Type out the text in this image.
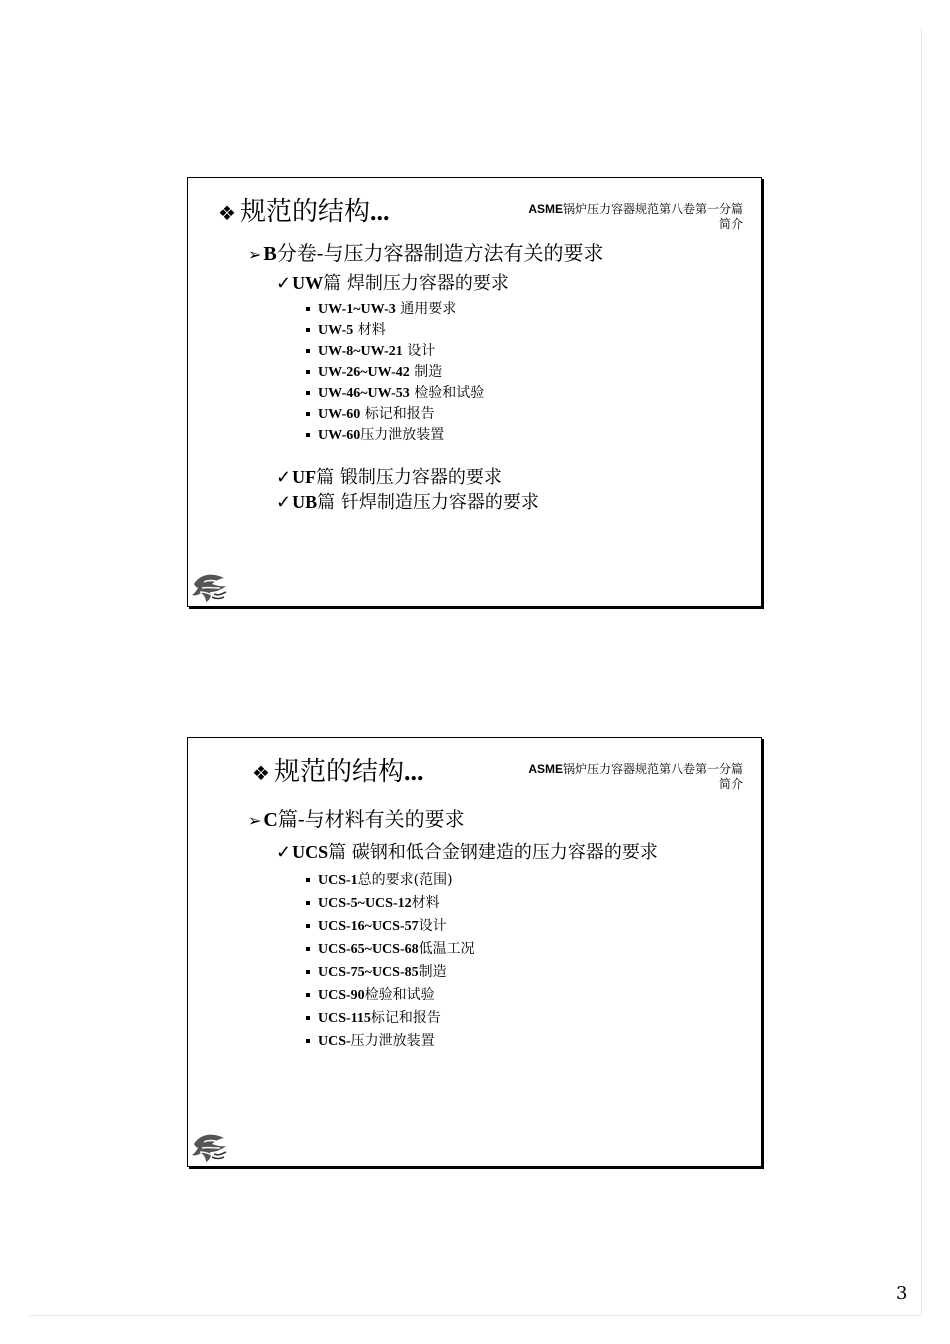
❖ 规范的结构...	ASME锅炉压力容器规范第八卷第一分篇
简介
➢ B分卷-与压力容器制造方法有关的要求
✓UW篇 焊制压力容器的要求
UW-1~UW-3 通用要求
UW-5 材料
UW-8~UW-21 设计
UW-26~UW-42 制造
UW-46~UW-53 检验和试验
UW-60 标记和报告
UW-60压力泄放装置
✓UF篇 锻制压力容器的要求
✓UB篇 钎焊制造压力容器的要求
❖ 规范的结构...	ASME锅炉压力容器规范第八卷第一分篇
简介
➢ C篇-与材料有关的要求
✓UCS篇 碳钢和低合金钢建造的压力容器的要求
UCS-1总的要求(范围)
UCS-5~UCS-12材料
UCS-16~UCS-57设计
UCS-65~UCS-68低温工况
UCS-75~UCS-85制造
UCS-90检验和试验
UCS-115标记和报告
UCS-压力泄放装置
3
